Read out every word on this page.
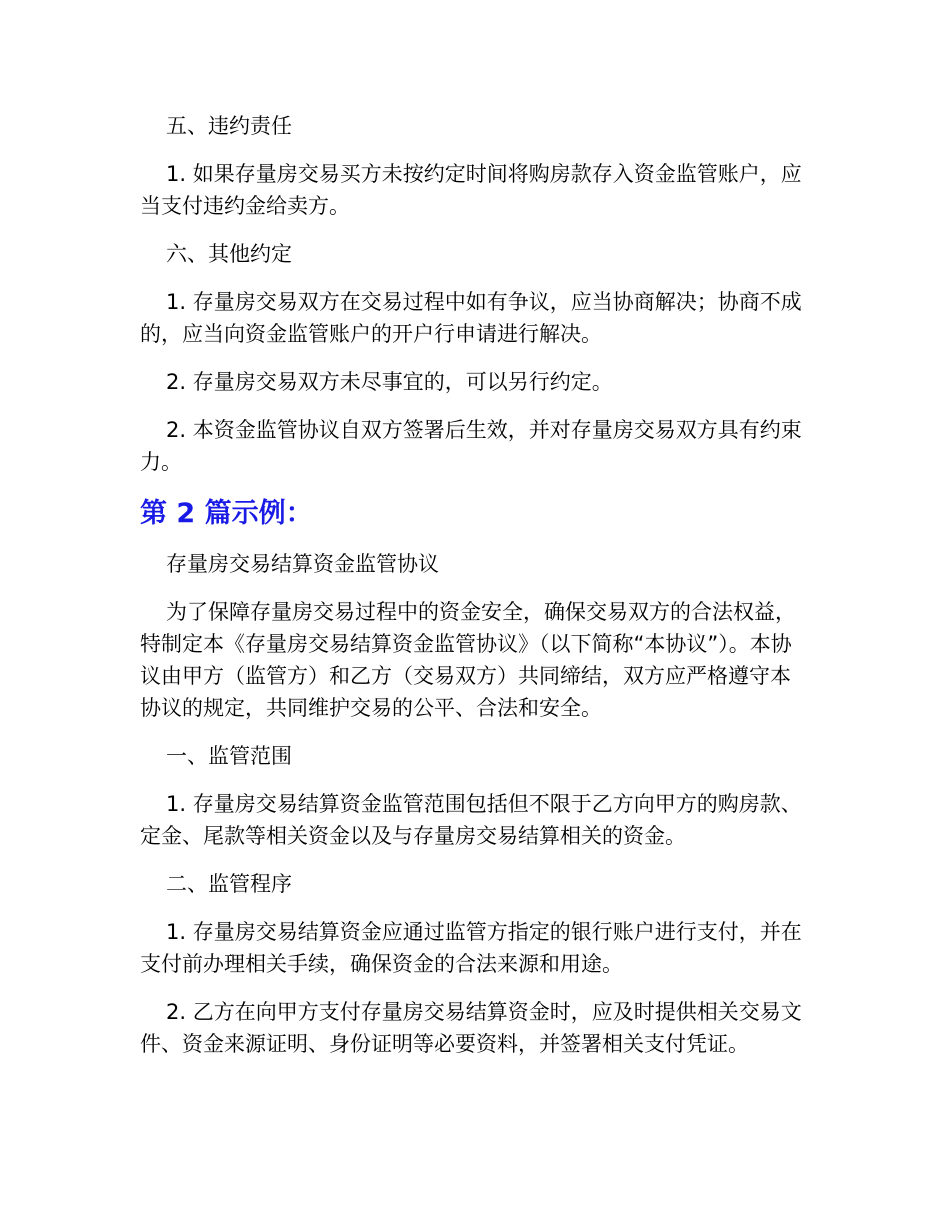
五、违约责任

1. 如果存量房交易买方未按约定时间将购房款存入资金监管账户，应当支付违约金给卖方。

六、其他约定

1. 存量房交易双方在交易过程中如有争议，应当协商解决；协商不成的，应当向资金监管账户的开户行申请进行解决。

2. 存量房交易双方未尽事宜的，可以另行约定。

2. 本资金监管协议自双方签署后生效，并对存量房交易双方具有约束力。

第 2 篇示例：

存量房交易结算资金监管协议

为了保障存量房交易过程中的资金安全，确保交易双方的合法权益，特制定本《存量房交易结算资金监管协议》（以下简称“本协议”）。本协议由甲方（监管方）和乙方（交易双方）共同缔结，双方应严格遵守本协议的规定，共同维护交易的公平、合法和安全。

一、监管范围

1. 存量房交易结算资金监管范围包括但不限于乙方向甲方的购房款、定金、尾款等相关资金以及与存量房交易结算相关的资金。

二、监管程序

1. 存量房交易结算资金应通过监管方指定的银行账户进行支付，并在支付前办理相关手续，确保资金的合法来源和用途。

2. 乙方在向甲方支付存量房交易结算资金时，应及时提供相关交易文件、资金来源证明、身份证明等必要资料，并签署相关支付凭证。
